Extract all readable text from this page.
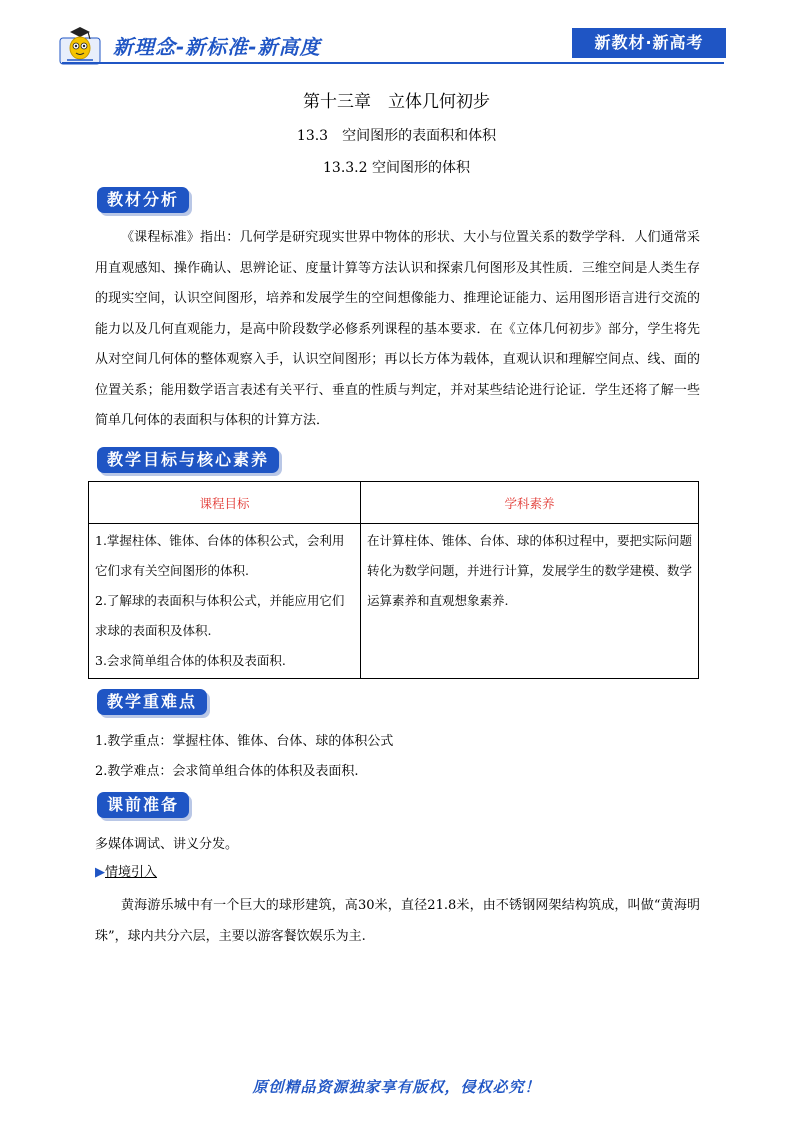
新理念-新标准-新高度	新教材·新高考
第十三章　立体几何初步
13.3　空间图形的表面积和体积
13.3.2 空间图形的体积
教材分析
《课程标准》指出：几何学是研究现实世界中物体的形状、大小与位置关系的数学学科．人们通常采用直观感知、操作确认、思辨论证、度量计算等方法认识和探索几何图形及其性质．三维空间是人类生存的现实空间，认识空间图形，培养和发展学生的空间想像能力、推理论证能力、运用图形语言进行交流的能力以及几何直观能力，是高中阶段数学必修系列课程的基本要求．在《立体几何初步》部分，学生将先从对空间几何体的整体观察入手，认识空间图形；再以长方体为载体，直观认识和理解空间点、线、面的位置关系；能用数学语言表述有关平行、垂直的性质与判定，并对某些结论进行论证．学生还将了解一些简单几何体的表面积与体积的计算方法．
教学目标与核心素养
课程目标	学科素养

1.掌握柱体、锥体、台体的体积公式，会利用它们求有关空间图形的体积.
2.了解球的表面积与体积公式，并能应用它们求球的表面积及体积.
3.会求简单组合体的体积及表面积.	在计算柱体、锥体、台体、球的体积过程中，要把实际问题转化为数学问题，并进行计算，发展学生的数学建模、数学运算素养和直观想象素养.
教学重难点
1.教学重点：掌握柱体、锥体、台体、球的体积公式
2.教学难点：会求简单组合体的体积及表面积.
课前准备
多媒体调试、讲义分发。
▶情境引入
黄海游乐城中有一个巨大的球形建筑，高30米，直径21.8米，由不锈钢网架结构筑成，叫做“黄海明珠”，球内共分六层，主要以游客餐饮娱乐为主.
原创精品资源独家享有版权，侵权必究！
